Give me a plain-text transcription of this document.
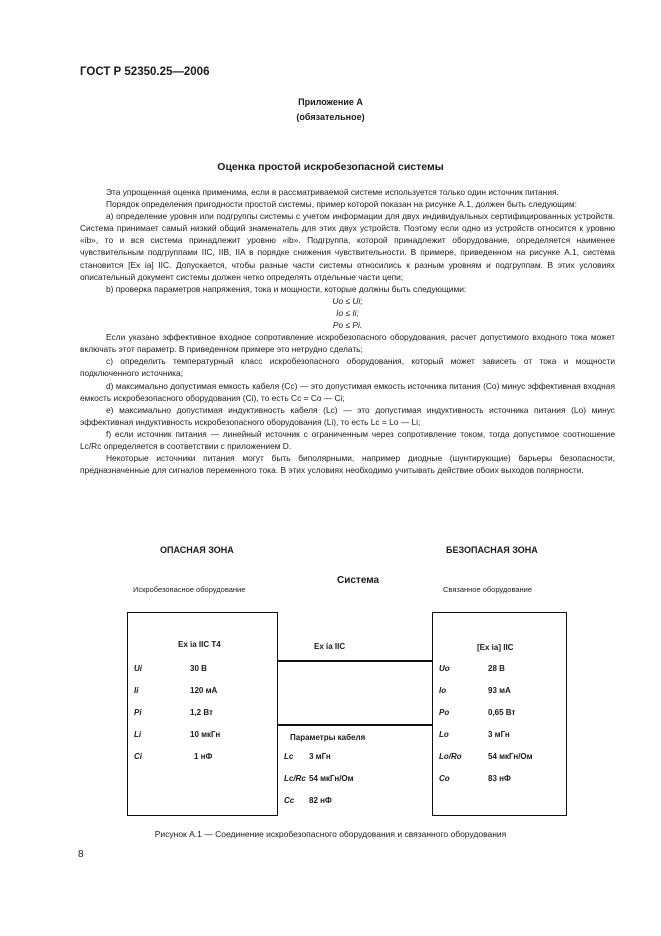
ГОСТ Р 52350.25—2006
Приложение А
(обязательное)
Оценка простой искробезопасной системы

Эта упрощенная оценка применима, если в рассматриваемой системе используется только один источник питания.

Порядок определения пригодности простой системы, пример которой показан на рисунке А.1, должен быть следующим:

a) определение уровня или подгруппы системы с учетом информации для двух индивидуальных сертифицированных устройств. Система принимает самый низкий общий знаменатель для этих двух устройств. Поэтому если одно из устройств относится к уровню «ib», то и вся система принадлежит уровню «ib». Подгруппа, которой принадлежит оборудование, определяется наименее чувствительным подгруппами IIC, IIB, IIA в порядке снижения чувствительности. В примере, приведенном на рисунке А.1, система становится [Ex ia] IIC. Допускается, чтобы разные части системы относились к разным уровням и подгруппам. В этих условиях описательный документ системы должен четко определять отдельные части цепи;

b) проверка параметров напряжения, тока и мощности, которые должны быть следующими:

Uo ≤ Ui;

Io ≤ Ii;

Po ≤ Pi.

Если указано эффективное входное сопротивление искробезопасного оборудования, расчет допустимого входного тока может включать этот параметр. В приведенном примере это нетрудно сделать;

c) определить температурный класс искробезопасного оборудования, который может зависеть от тока и мощности подключенного источника;

d) максимально допустимая емкость кабеля (Cc) — это допустимая емкость источника питания (Co) минус эффективная входная емкость искробезопасного оборудования (Ci), то есть Cc = Co — Ci;

e) максимально допустимая индуктивность кабеля (Lc) — это допустимая индуктивность источника питания (Lo) минус эффективная индуктивность искробезопасного оборудования (Li), то есть Lc = Lo — Li;

f) если источник питания — линейный источник с ограниченным через сопротивление током, тогда допустимое соотношение Lc/Rc определяется в соответствии с приложением D.

Некоторые источники питания могут быть биполярными, например диодные (шунтирующие) барьеры безопасности, предназначенные для сигналов переменного тока. В этих условиях необходимо учитывать действие обоих выходов полярности.

ОПАСНАЯ ЗОНА	БЕЗОПАСНАЯ ЗОНА
Система
Искробезопасное оборудование	Связанное оборудование
Ex ia IIC T4
Ui	30 В
Ii	120 мА
Pi	1,2 Вт
Li	10 мкГн
Ci	1 нФ
Ex ia IIC
Параметры кабеля
Lc 3 мГн
Lc/Rc 54 мкГн/Ом
Cc 82 нФ
[Ex ia] IIC
Uo	28 В
Io	93 мА
Po	0,65 Вт
Lo	3 мГн
Lo/Ro	54 мкГн/Ом
Co	83 нФ
Рисунок А.1 — Соединение искробезопасного оборудования и связанного оборудования
8
